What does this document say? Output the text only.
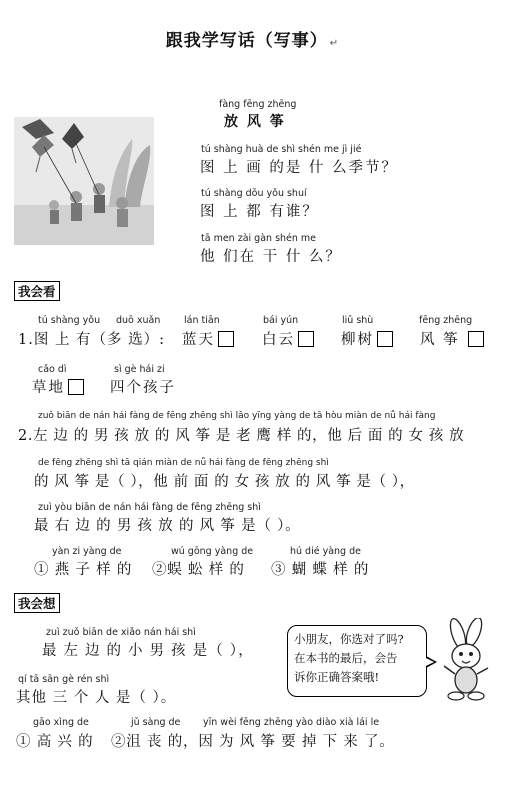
跟我学写话（写事） ↵
fàng fēng zhēng
放 风 筝
tú shàng huà de shì shén me jì jié
图 上 画 的是 什 么季节？
tú shàng dōu yǒu shuí
图 上 都 有谁？
tā men zài gàn shén me
他 们在 干 什 么？
我会看
tú shàng yǒu duō xuǎn lán tiān	bái yún	liǔ shù	fēng zhēng
1.图 上 有（多 选）: 蓝天	白云	柳树	风 筝
cǎo dì	sì gè hái zi
草地	四个孩子
zuǒ biān de nán hái fàng de fēng zhēng shì lǎo yīng yàng de tā hòu miàn de nǚ hái fàng
2.左 边 的 男 孩 放 的 风 筝 是 老 鹰 样 的，他 后 面 的 女 孩 放
de fēng zhēng shì tā qián miàn de nǚ hái fàng de fēng zhēng shì
的 风 筝 是（ ），他 前 面 的 女 孩 放 的 风 筝 是（ ），
zuì yòu biān de nán hái fàng de fēng zhēng shì
最 右 边 的 男 孩 放 的 风 筝 是（ ）。
yàn zi yàng de	wú gōng yàng de	hú dié yàng de
① 燕 子 样 的 ②蜈 蚣 样 的 ③ 蝴 蝶 样 的
我会想
zuì zuǒ biān de xiǎo nán hái shì
最 左 边 的 小 男 孩 是（ ），
qí tā sān gè rén shì
其他 三 个 人 是（ ）。
gāo xìng de	jǔ sàng de yīn wèi fēng zhēng yào diào xià lái le
① 高 兴 的 ②沮 丧 的，因 为 风 筝 要 掉 下 来 了。
小朋友，你选对了吗?
在本书的最后，会告
诉你正确答案哦!
